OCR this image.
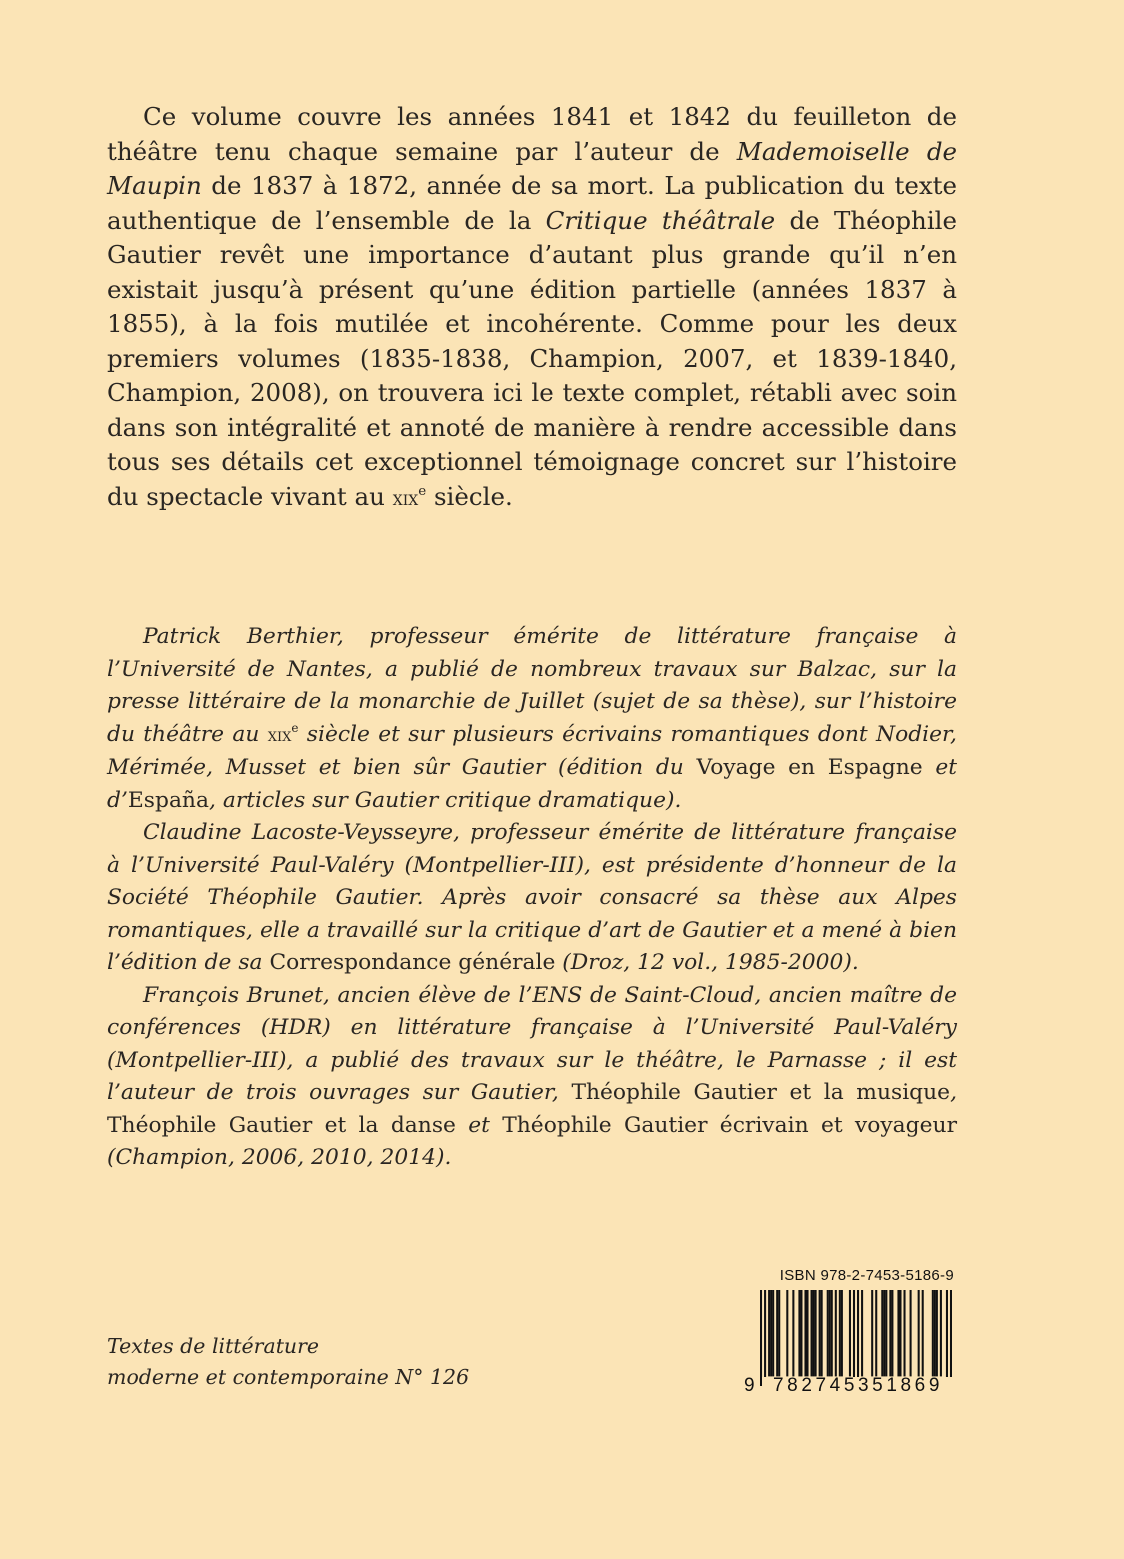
Ce volume couvre les années 1841 et 1842 du feuilleton de théâtre tenu chaque semaine par l’auteur de Mademoiselle de Maupin de 1837 à 1872, année de sa mort. La publication du texte authentique de l’ensemble de la Critique théâtrale de Théophile Gautier revêt une importance d’autant plus grande qu’il n’en existait jusqu’à présent qu’une édition partielle (années 1837 à 1855), à la fois mutilée et incohérente. Comme pour les deux premiers volumes (1835-1838, Champion, 2007, et 1839-1840, Champion, 2008), on trouvera ici le texte complet, rétabli avec soin dans son intégralité et annoté de manière à rendre accessible dans tous ses détails cet exceptionnel témoignage concret sur l’histoire du spectacle vivant au xix$^e$ siècle.

Patrick Berthier, professeur émérite de littérature française à l’Université de Nantes, a publié de nombreux travaux sur Balzac, sur la presse littéraire de la monarchie de Juillet (sujet de sa thèse), sur l’histoire du théâtre au xix$^e$ siècle et sur plusieurs écrivains romantiques dont Nodier, Mérimée, Musset et bien sûr Gautier (édition du Voyage en Espagne et d’España, articles sur Gautier critique dramatique).

Claudine Lacoste-Veysseyre, professeur émérite de littérature française à l’Université Paul-Valéry (Montpellier-III), est présidente d’honneur de la Société Théophile Gautier. Après avoir consacré sa thèse aux Alpes romantiques, elle a travaillé sur la critique d’art de Gautier et a mené à bien l’édition de sa Correspondance générale (Droz, 12 vol., 1985-2000).

François Brunet, ancien élève de l’ENS de Saint-Cloud, ancien maître de conférences (HDR) en littérature française à l’Université Paul-Valéry (Montpellier-III), a publié des travaux sur le théâtre, le Parnasse ; il est l’auteur de trois ouvrages sur Gautier, Théophile Gautier et la musique, Théophile Gautier et la danse et Théophile Gautier écrivain et voyageur (Champion, 2006, 2010, 2014).

Textes de littérature
moderne et contemporaine N° 126
ISBN 978-2-7453-5186-9
9 782745351869
